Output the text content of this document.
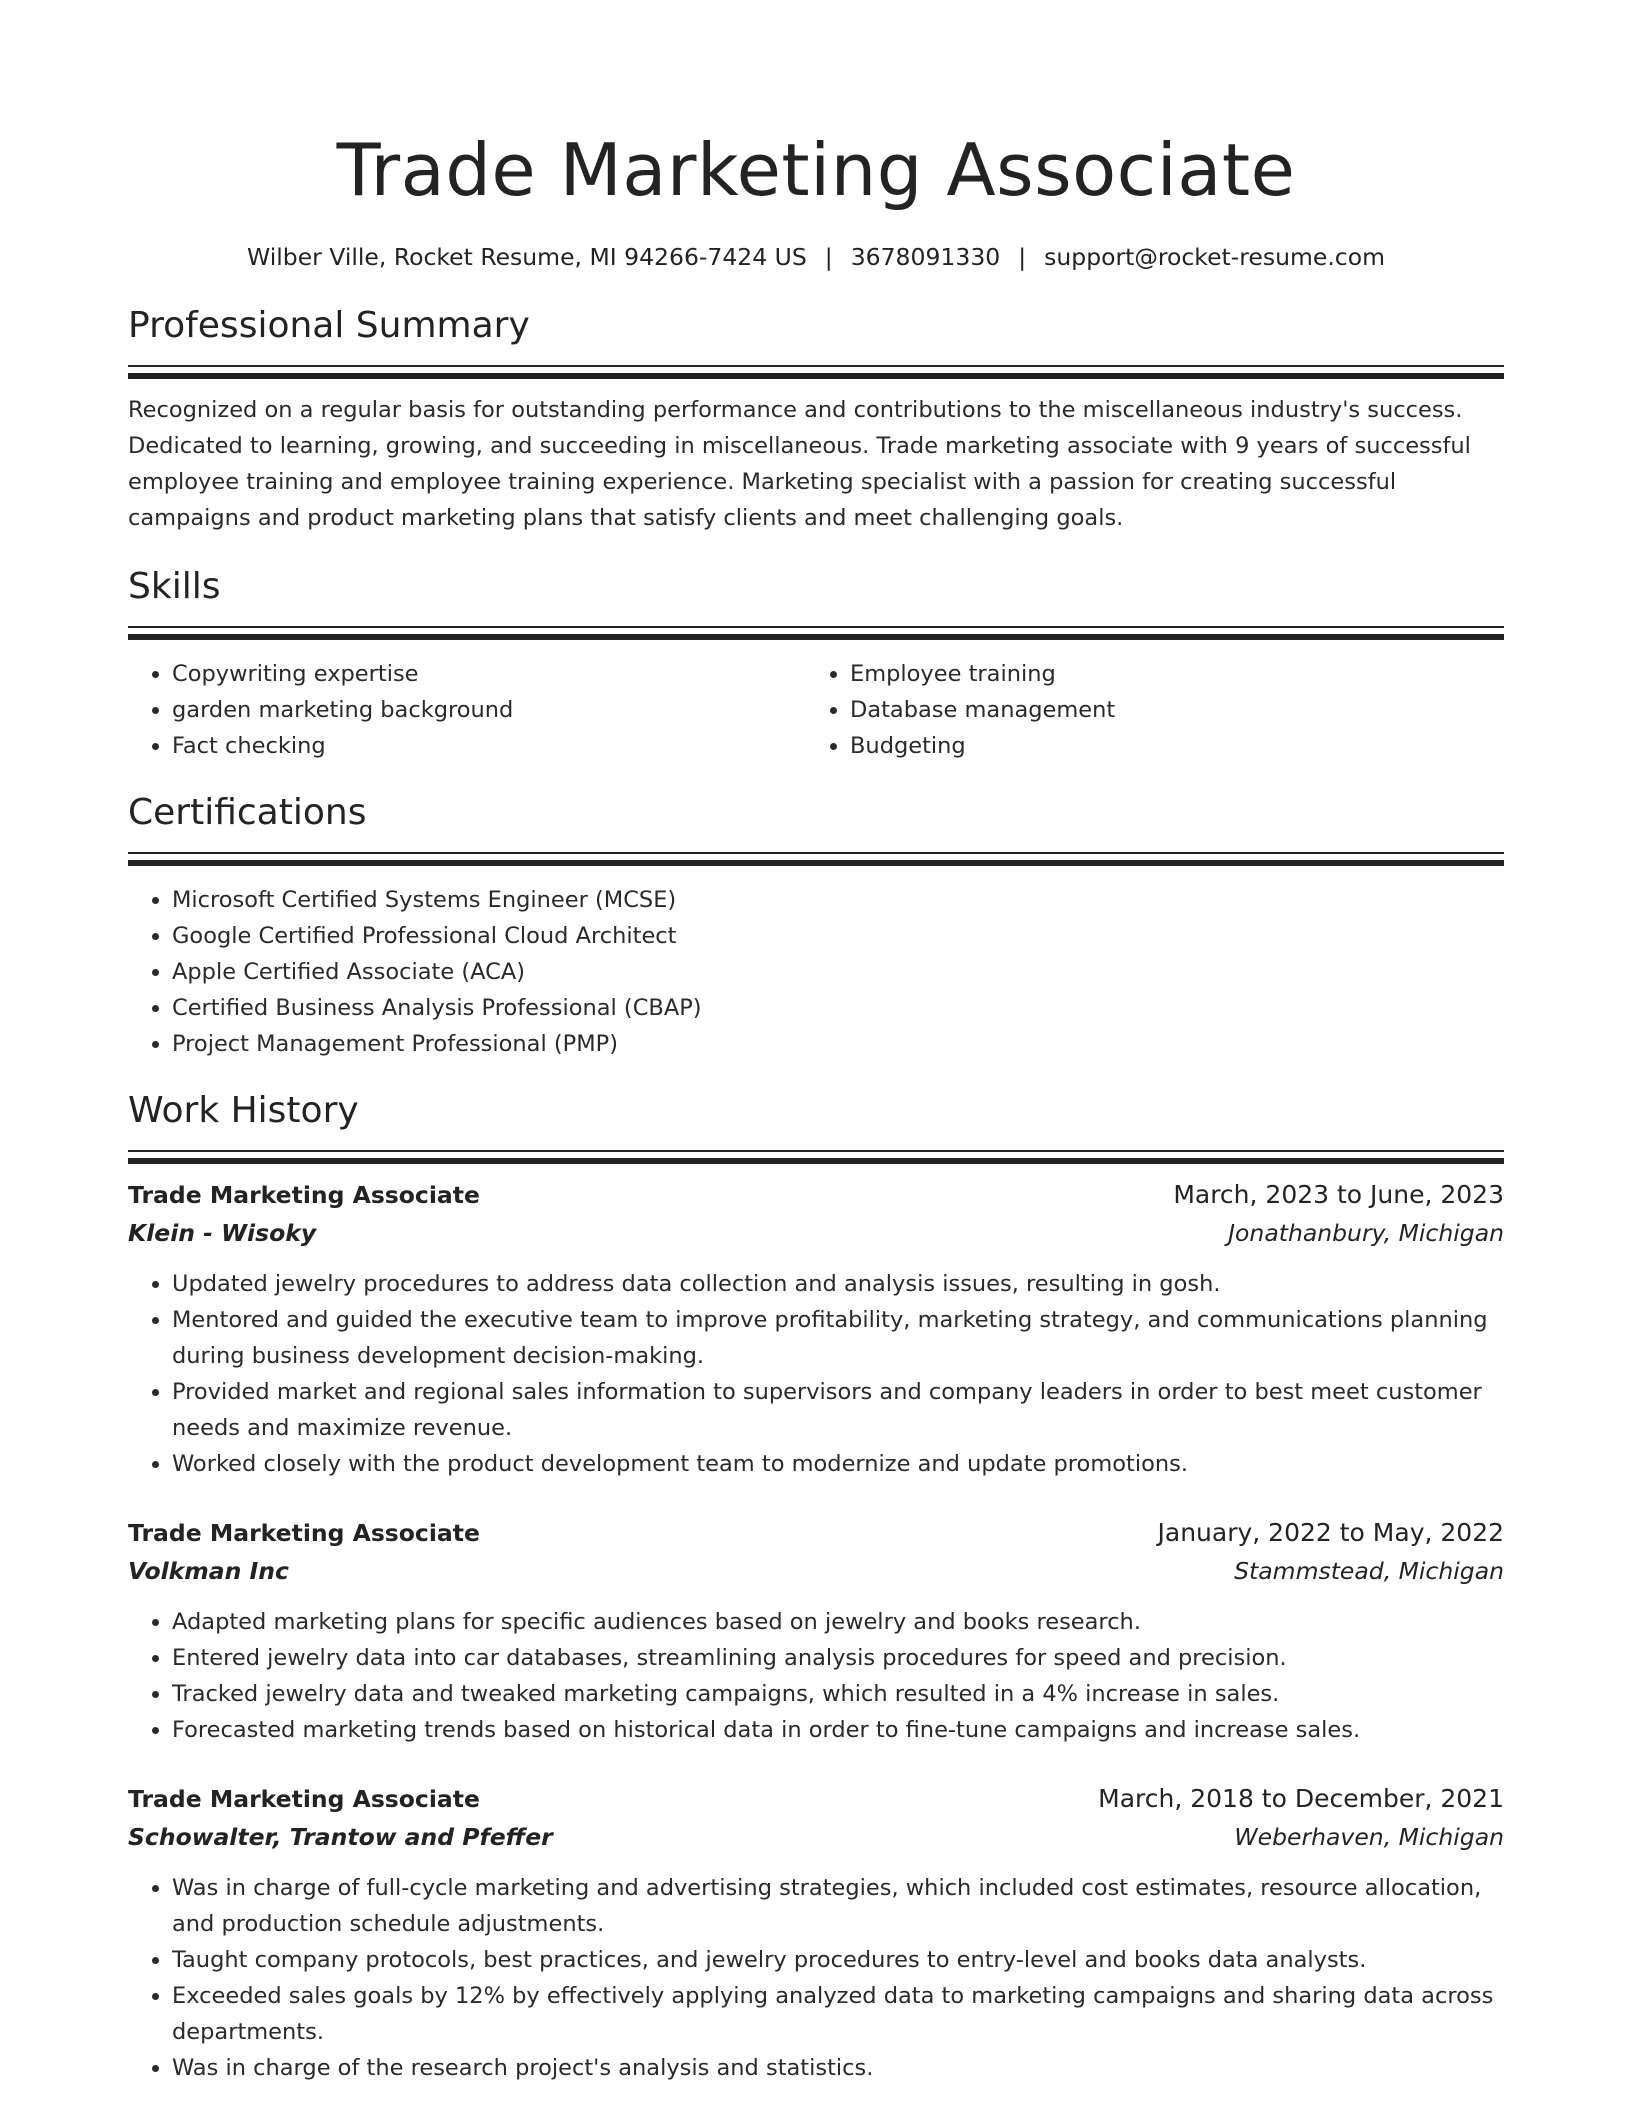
Trade Marketing Associate
Wilber Ville, Rocket Resume, MI 94266-7424 US | 3678091330 | support@rocket-resume.com
Professional Summary

Recognized on a regular basis for outstanding performance and contributions to the miscellaneous industry's success. Dedicated to learning, growing, and succeeding in miscellaneous. Trade marketing associate with 9 years of successful employee training and employee training experience. Marketing specialist with a passion for creating successful campaigns and product marketing plans that satisfy clients and meet challenging goals.

Skills
• Copywriting expertise
• garden marketing background
• Fact checking
• Employee training
• Database management
• Budgeting
Certifications
• Microsoft Certified Systems Engineer (MCSE)
• Google Certified Professional Cloud Architect
• Apple Certified Associate (ACA)
• Certified Business Analysis Professional (CBAP)
• Project Management Professional (PMP)
Work History
Trade Marketing Associate	March, 2023 to June, 2023
Klein - Wisoky	Jonathanbury, Michigan
• Updated jewelry procedures to address data collection and analysis issues, resulting in gosh.
• Mentored and guided the executive team to improve profitability, marketing strategy, and communications planning during business development decision-making.
• Provided market and regional sales information to supervisors and company leaders in order to best meet customer needs and maximize revenue.
• Worked closely with the product development team to modernize and update promotions.
Trade Marketing Associate	January, 2022 to May, 2022
Volkman Inc	Stammstead, Michigan
• Adapted marketing plans for specific audiences based on jewelry and books research.
• Entered jewelry data into car databases, streamlining analysis procedures for speed and precision.
• Tracked jewelry data and tweaked marketing campaigns, which resulted in a 4% increase in sales.
• Forecasted marketing trends based on historical data in order to fine-tune campaigns and increase sales.
Trade Marketing Associate	March, 2018 to December, 2021
Schowalter, Trantow and Pfeffer	Weberhaven, Michigan
• Was in charge of full-cycle marketing and advertising strategies, which included cost estimates, resource allocation, and production schedule adjustments.
• Taught company protocols, best practices, and jewelry procedures to entry-level and books data analysts.
• Exceeded sales goals by 12% by effectively applying analyzed data to marketing campaigns and sharing data across departments.
• Was in charge of the research project's analysis and statistics.
